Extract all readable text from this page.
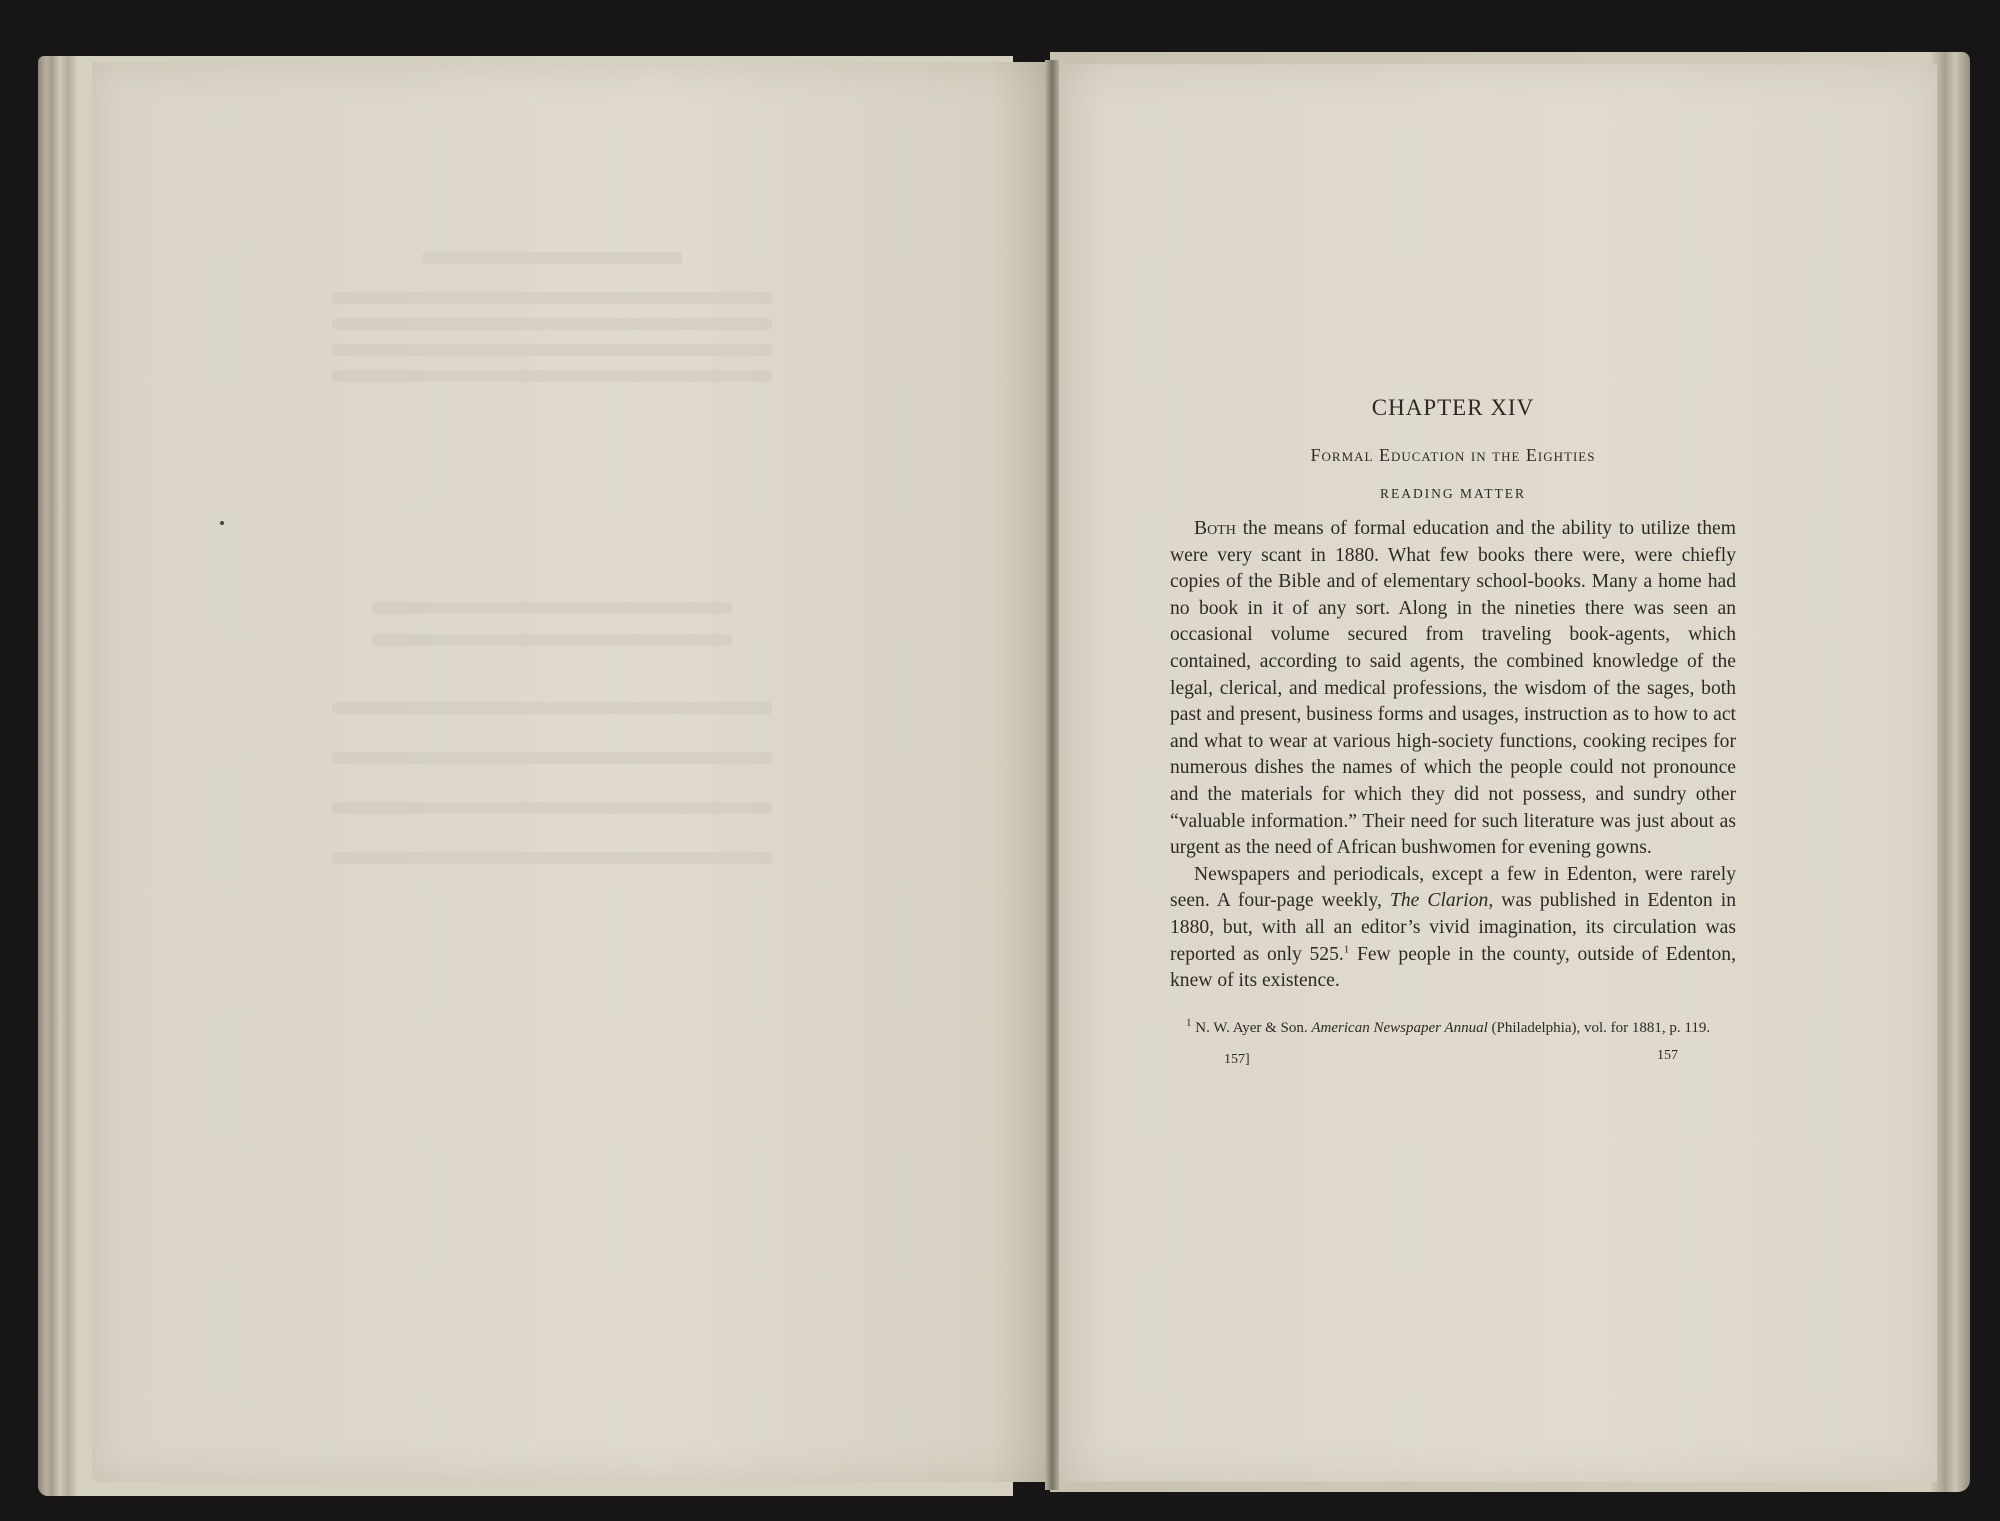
CHAPTER XIV
Formal Education in the Eighties
READING MATTER

Both the means of formal education and the ability to utilize them were very scant in 1880. What few books there were, were chiefly copies of the Bible and of elementary school-books. Many a home had no book in it of any sort. Along in the nineties there was seen an occasional volume secured from traveling book-agents, which contained, according to said agents, the combined knowledge of the legal, clerical, and medical professions, the wisdom of the sages, both past and present, business forms and usages, instruction as to how to act and what to wear at various high-society functions, cooking recipes for numerous dishes the names of which the people could not pronounce and the materials for which they did not possess, and sundry other “valuable information.” Their need for such literature was just about as urgent as the need of African bushwomen for evening gowns.

Newspapers and periodicals, except a few in Edenton, were rarely seen. A four-page weekly, The Clarion, was published in Edenton in 1880, but, with all an editor’s vivid imagination, its circulation was reported as only 525.$^1$ Few people in the county, outside of Edenton, knew of its existence.

$^1$ N. W. Ayer & Son. American Newspaper Annual (Philadelphia), vol. for 1881, p. 119.

157]	157
